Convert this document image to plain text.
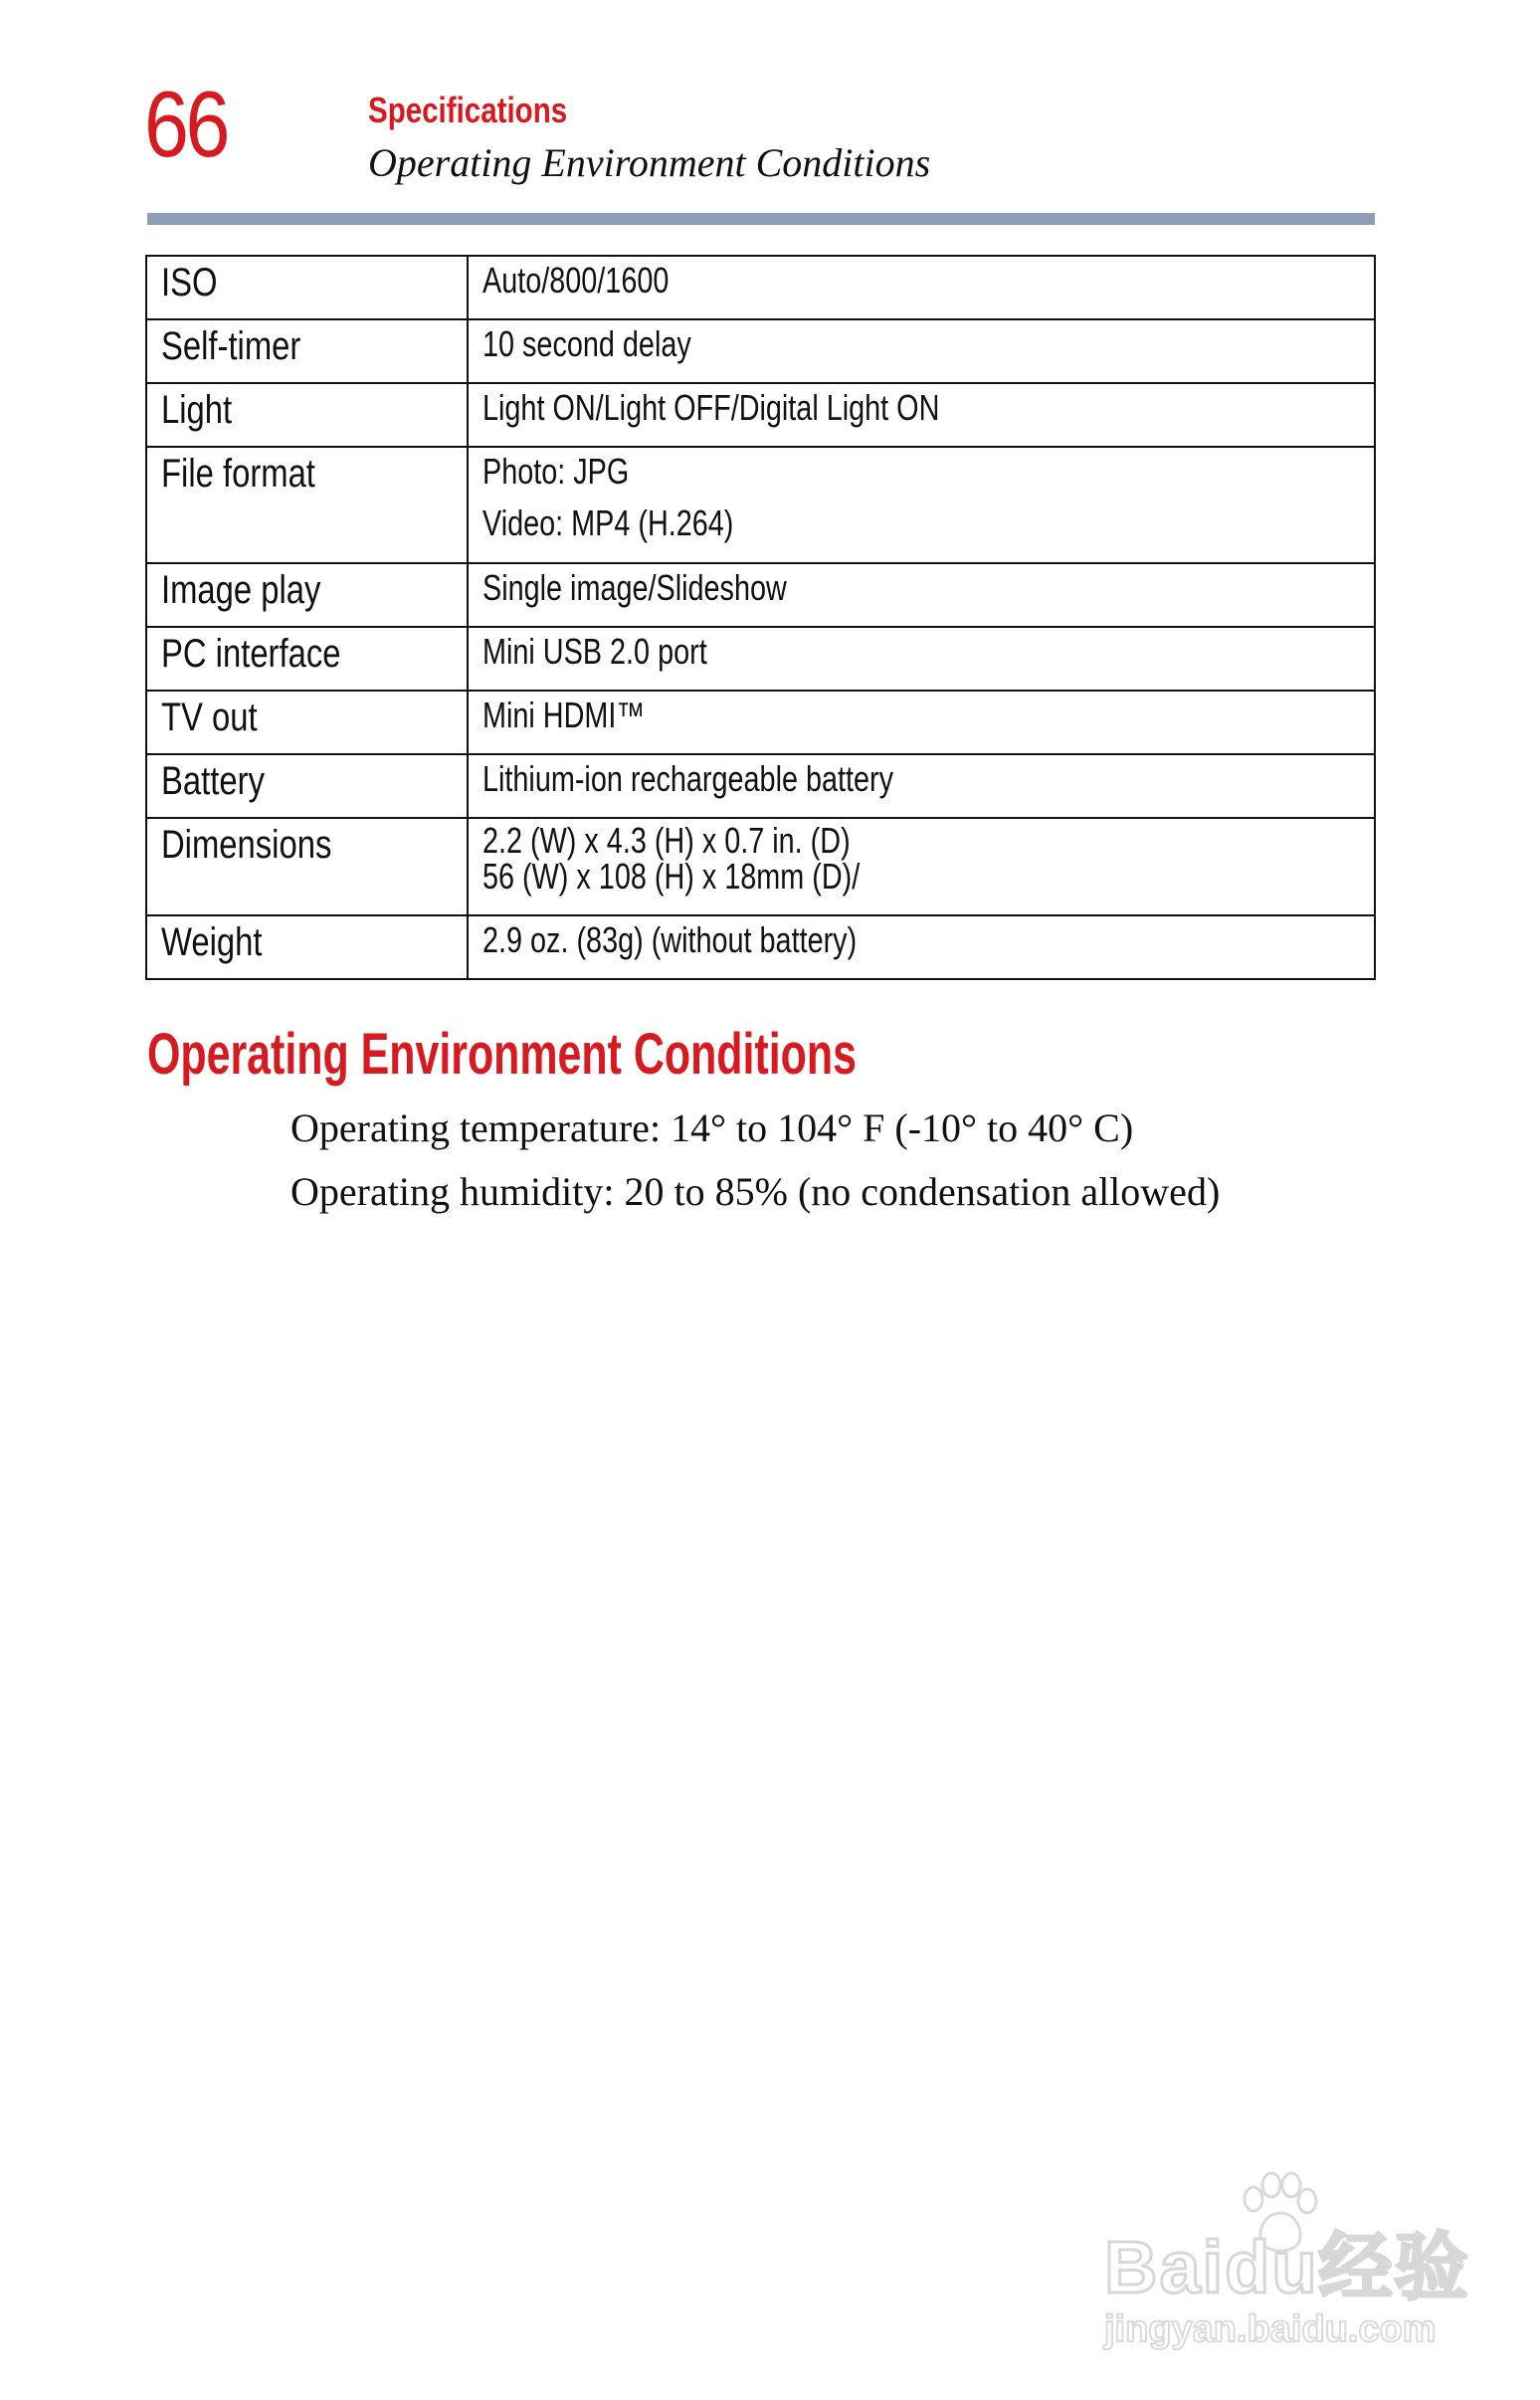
66	Specifications
Operating Environment Conditions
ISO	Auto/800/1600
Self-timer	10 second delay
Light	Light ON/Light OFF/Digital Light ON
File format	Photo: JPG
Video: MP4 (H.264)

Image play	Single image/Slideshow
PC interface	Mini USB 2.0 port
TV out	Mini HDMI™
Battery	Lithium-ion rechargeable battery
Dimensions	2.2 (W) x 4.3 (H) x 0.7 in. (D)
56 (W) x 108 (H) x 18mm (D)/

Weight	2.9 oz. (83g) (without battery)
Operating Environment Conditions
Operating temperature: 14° to 104° F (-10° to 40° C)
Operating humidity: 20 to 85% (no condensation allowed)
Baidu经验
jingyan.baidu.com
